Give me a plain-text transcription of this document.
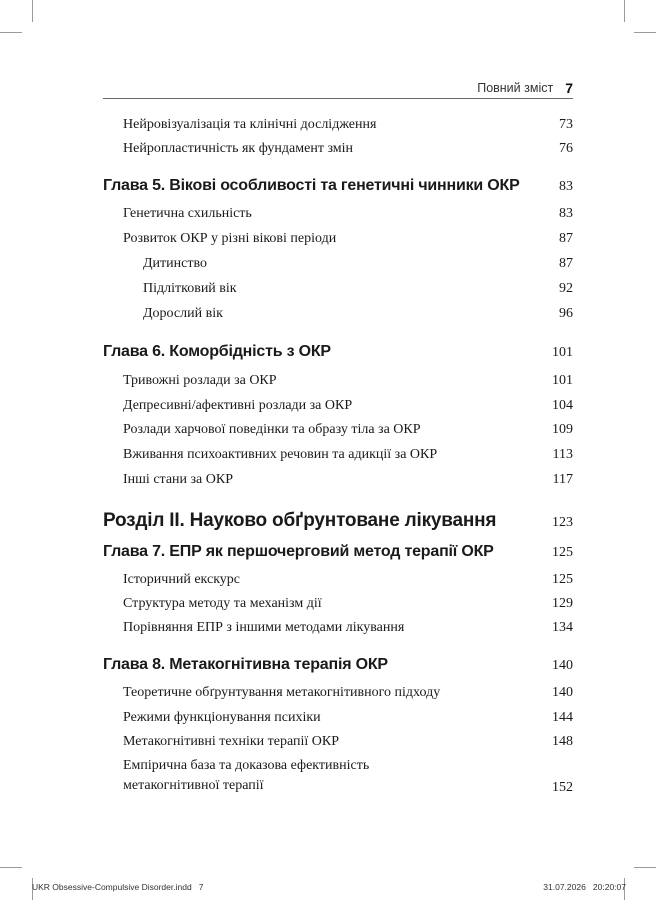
Повний зміст 7
Нейровізуалізація та клінічні дослідження	73
Нейропластичність як фундамент змін	76
Глава 5. Вікові особливості та генетичні чинники ОКР	83
Генетична схильність	83
Розвиток ОКР у різні вікові періоди	87
Дитинство	87
Підлітковий вік	92
Дорослий вік	96
Глава 6. Коморбідність з ОКР	101
Тривожні розлади за ОКР	101
Депресивні/афективні розлади за ОКР	104
Розлади харчової поведінки та образу тіла за ОКР	109
Вживання психоактивних речовин та адикції за ОКР	113
Інші стани за ОКР	117
Розділ II. Науково обґрунтоване лікування	123
Глава 7. ЕПР як першочерговий метод терапії ОКР	125
Історичний екскурс	125
Структура методу та механізм дії	129
Порівняння ЕПР з іншими методами лікування	134
Глава 8. Метакогнітивна терапія ОКР	140
Теоретичне обґрунтування метакогнітивного підходу	140
Режими функціонування психіки	144
Метакогнітивні техніки терапії ОКР	148
Емпірична база та доказова ефективність
метакогнітивної терапії	152
UKR Obsessive-Compulsive Disorder.indd   7	31.07.2026   20:20:07
